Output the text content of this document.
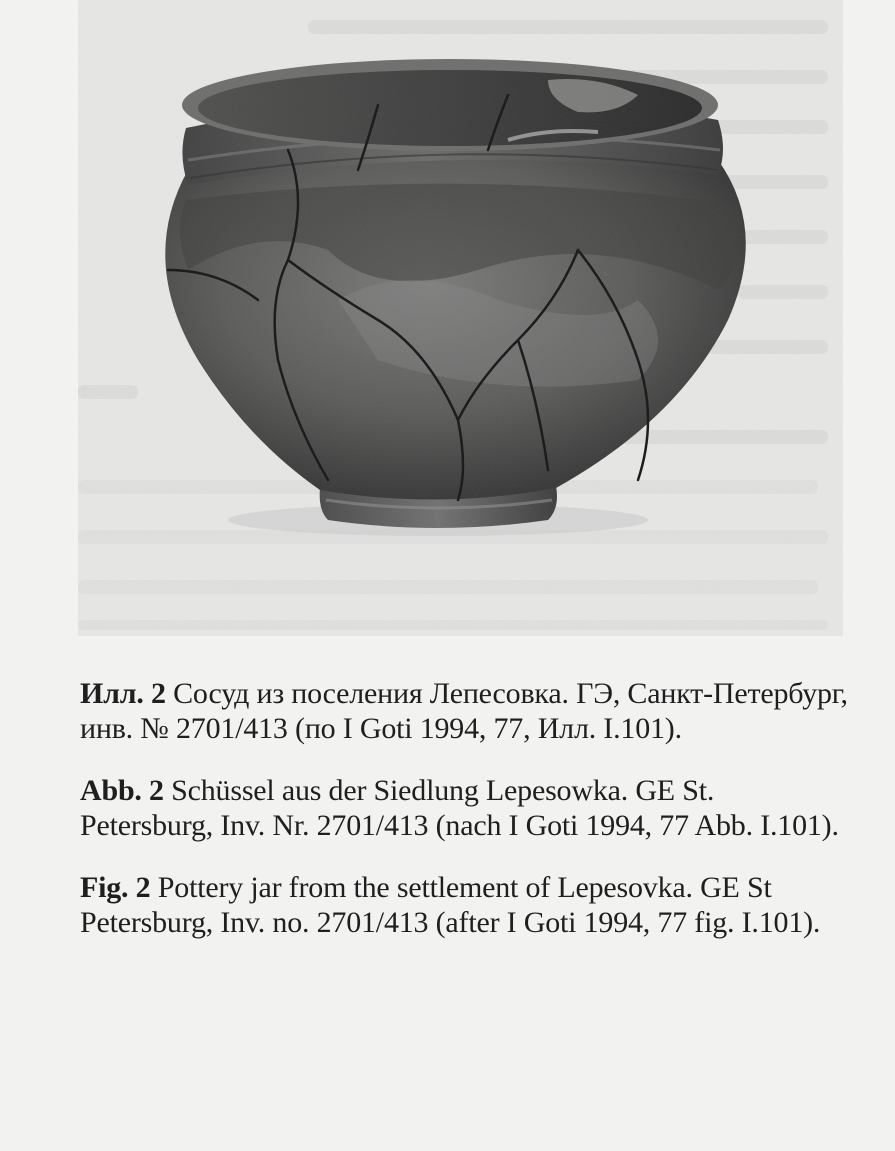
Илл. 2 Сосуд из поселения Лепесовка. ГЭ, Санкт-Петербург, инв. № 2701/413 (по I Goti 1994, 77, Илл. I.101).

Abb. 2 Schüssel aus der Siedlung Lepesowka. GE St. Petersburg, Inv. Nr. 2701/413 (nach I Goti 1994, 77 Abb. I.101).

Fig. 2 Pottery jar from the settlement of Lepesovka. GE St Petersburg, Inv. no. 2701/413 (after I Goti 1994, 77 fig. I.101).
